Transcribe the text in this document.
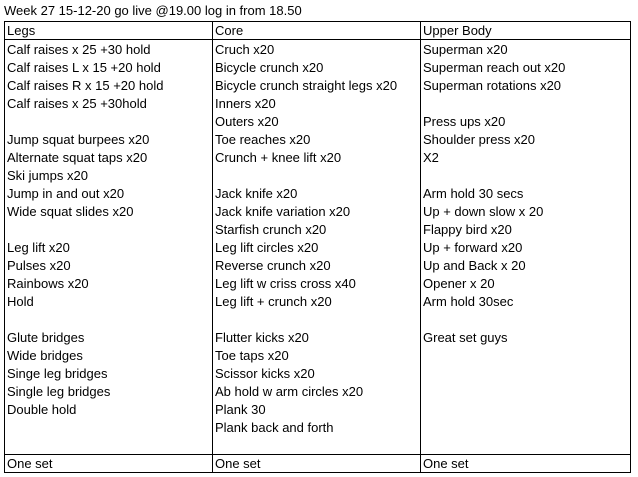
Week 27 15-12-20 go live @19.00 log in from 18.50
Legs
Calf raises x 25 +30 hold
Calf raises L x 15 +20 hold
Calf raises R x 15 +20 hold
Calf raises x 25 +30hold
Jump squat burpees x20
Alternate squat taps x20
Ski jumps x20
Jump in and out x20
Wide squat slides x20
Leg lift x20
Pulses x20
Rainbows x20
Hold
Glute bridges
Wide bridges
Singe leg bridges
Single leg bridges
Double hold
One set
Core
Cruch x20
Bicycle crunch x20
Bicycle crunch straight legs x20
Inners x20
Outers x20
Toe reaches x20
Crunch + knee lift x20
Jack knife x20
Jack knife variation x20
Starfish crunch x20
Leg lift circles x20
Reverse crunch x20
Leg lift w criss cross x40
Leg lift + crunch x20
Flutter kicks x20
Toe taps x20
Scissor kicks x20
Ab hold w arm circles x20
Plank 30
Plank back and forth
One set
Upper Body
Superman x20
Superman reach out x20
Superman rotations x20
Press ups x20
Shoulder press x20
X2
Arm hold 30 secs
Up + down slow x 20
Flappy bird x20
Up + forward x20
Up and Back x 20
Opener x 20
Arm hold 30sec
Great set guys
One set
